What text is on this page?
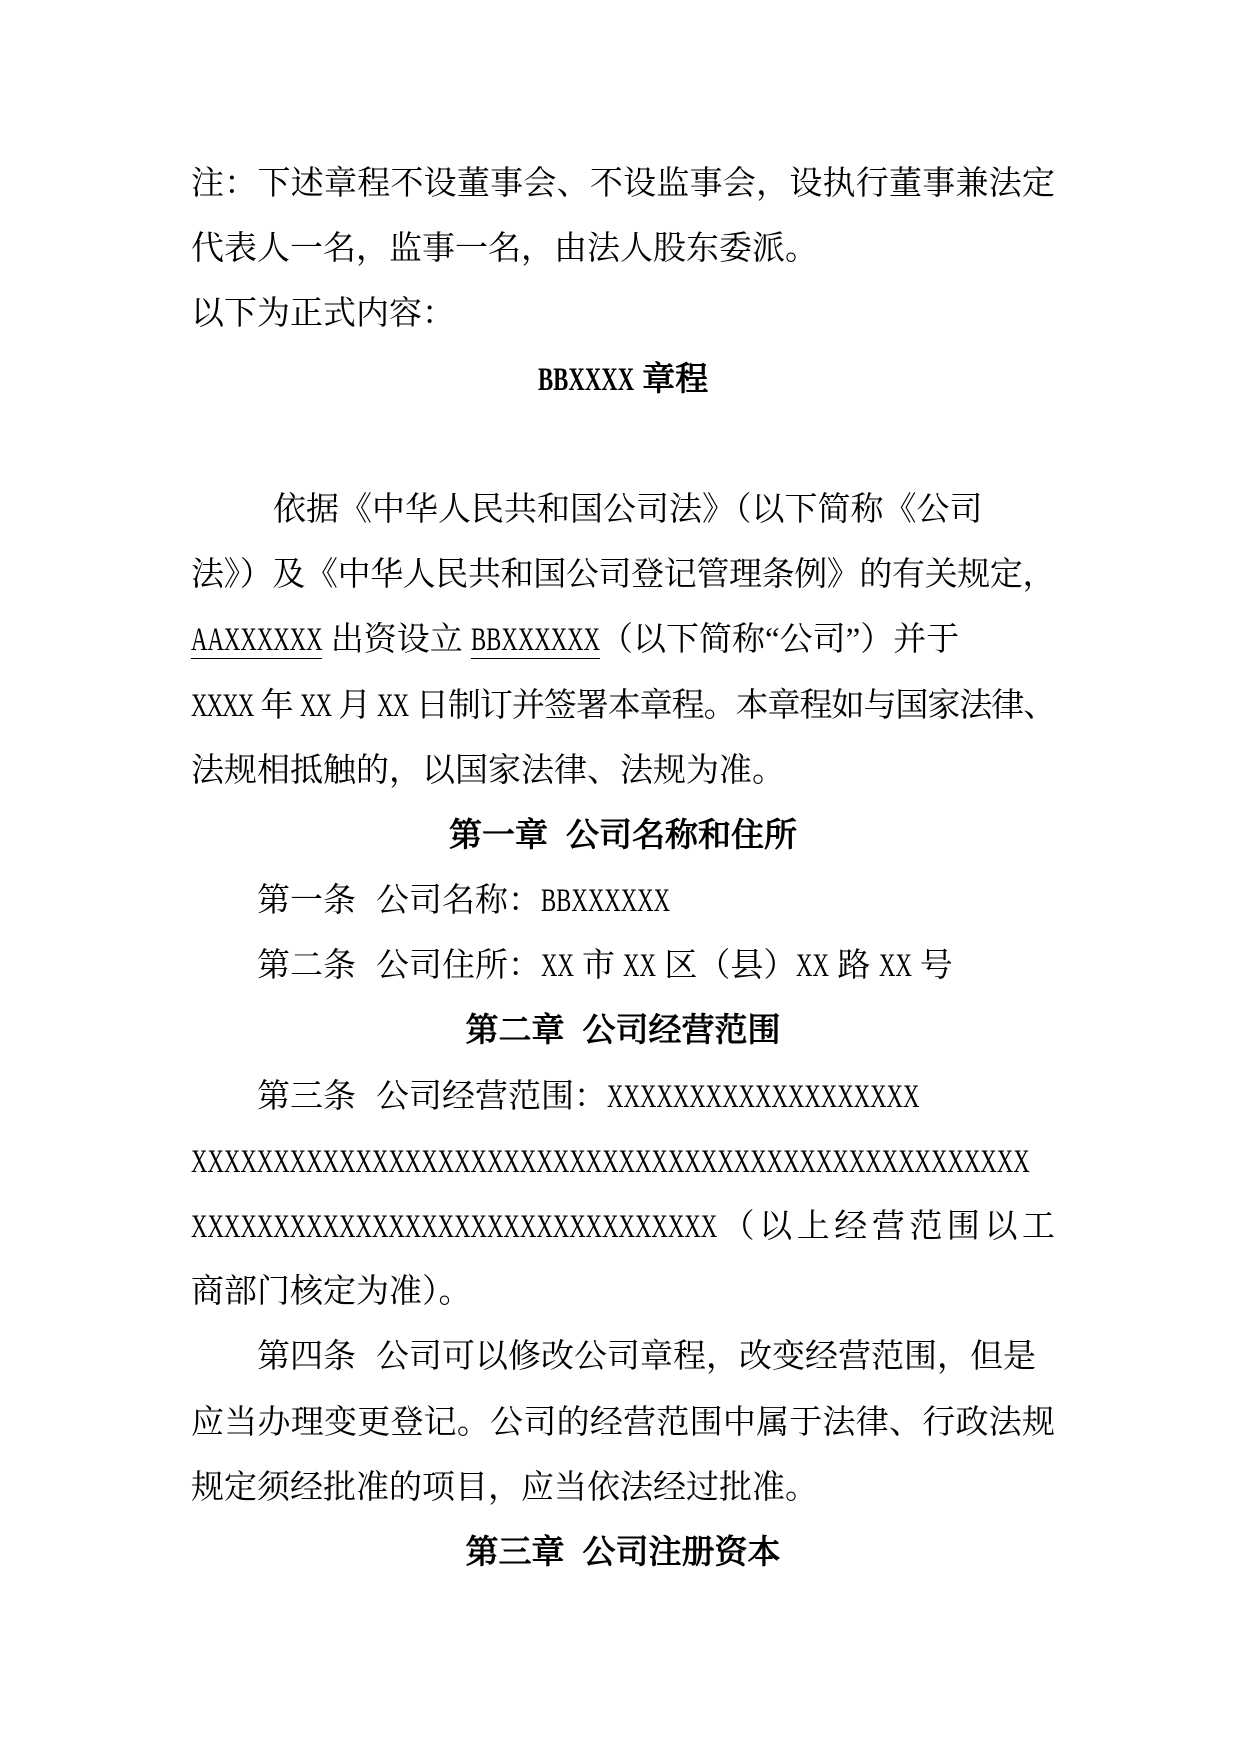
注：下述章程不设董事会、不设监事会，设执行董事兼法定
代表人一名，监事一名，由法人股东委派。
以下为正式内容：
BBXXXX 章程
依据《中华人民共和国公司法》（以下简称《公司
法》）及《中华人民共和国公司登记管理条例》的有关规定，
AAXXXXXX 出资设立 BBXXXXXX（以下简称“公司”）并于
XXXX 年 XX 月 XX 日制订并签署本章程。本章程如与国家法律、
法规相抵触的，以国家法律、法规为准。
第一章 公司名称和住所
第一条 公司名称：BBXXXXXX
第二条 公司住所：XX 市 XX 区（县）XX 路 XX 号
第二章 公司经营范围
第三条 公司经营范围：XXXXXXXXXXXXXXXXXXX
XXXXXXXXXXXXXXXXXXXXXXXXXXXXXXXXXXXXXXXXXXXXXXXXXXX
XXXXXXXXXXXXXXXXXXXXXXXXXXXXXXXX（以上经营范围以工
商部门核定为准）。
第四条 公司可以修改公司章程，改变经营范围，但是
应当办理变更登记。公司的经营范围中属于法律、行政法规
规定须经批准的项目，应当依法经过批准。
第三章 公司注册资本
